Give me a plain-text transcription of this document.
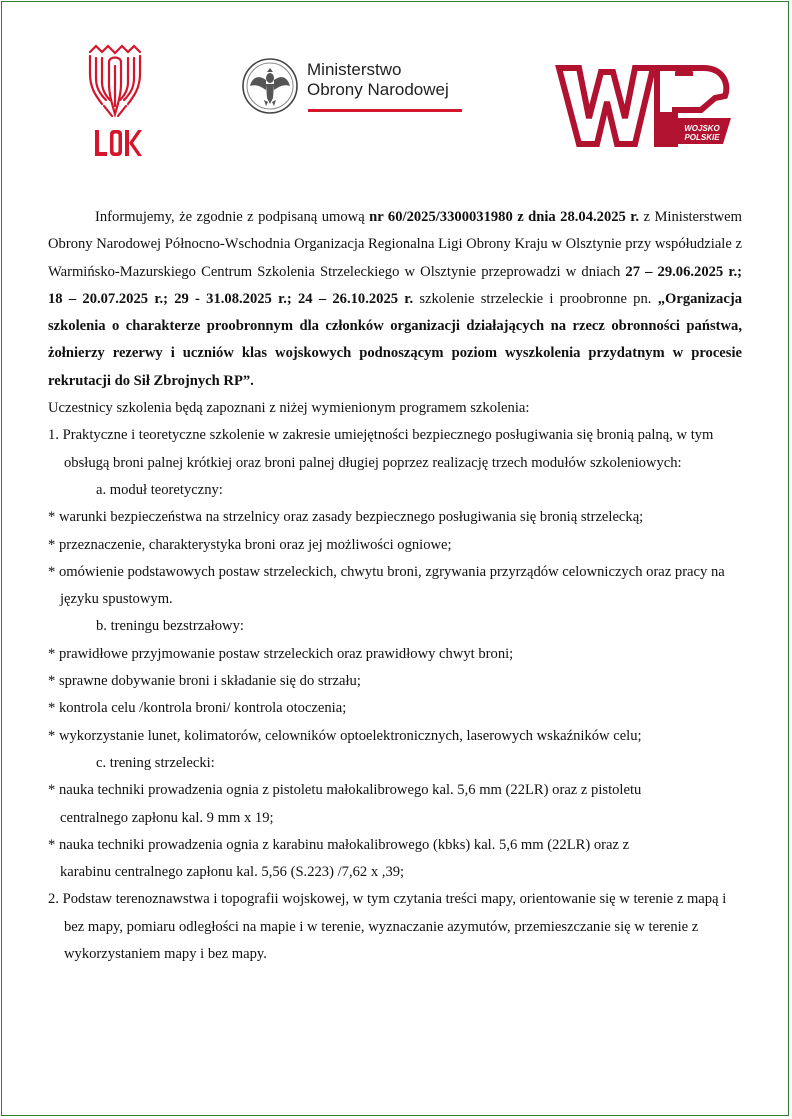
Ministerstwo
Obrony Narodowej
WOJSKO
POLSKIE

Informujemy, że zgodnie z podpisaną umową nr 60/2025/3300031980 z dnia 28.04.2025 r. z Ministerstwem Obrony Narodowej Północno-Wschodnia Organizacja Regionalna Ligi Obrony Kraju w Olsztynie przy współudziale z Warmińsko-Mazurskiego Centrum Szkolenia Strzeleckiego w Olsztynie przeprowadzi w dniach 27 – 29.06.2025 r.; 18 – 20.07.2025 r.; 29 - 31.08.2025 r.; 24 – 26.10.2025 r. szkolenie strzeleckie i proobronne pn. „Organizacja szkolenia o charakterze proobronnym dla członków organizacji działających na rzecz obronności państwa, żołnierzy rezerwy i uczniów klas wojskowych podnoszącym poziom wyszkolenia przydatnym w procesie rekrutacji do Sił Zbrojnych RP”.

Uczestnicy szkolenia będą zapoznani z niżej wymienionym programem szkolenia:

1. Praktyczne i teoretyczne szkolenie w zakresie umiejętności bezpiecznego posługiwania się bronią palną, w tym obsługą broni palnej krótkiej oraz broni palnej długiej poprzez realizację trzech modułów szkoleniowych:

a. moduł teoretyczny:

* warunki bezpieczeństwa na strzelnicy oraz zasady bezpiecznego posługiwania się bronią strzelecką;

* przeznaczenie, charakterystyka broni oraz jej możliwości ogniowe;

* omówienie podstawowych postaw strzeleckich, chwytu broni, zgrywania przyrządów celowniczych oraz pracy na języku spustowym.

b. treningu bezstrzałowy:

* prawidłowe przyjmowanie postaw strzeleckich oraz prawidłowy chwyt broni;

* sprawne dobywanie broni i składanie się do strzału;

* kontrola celu /kontrola broni/ kontrola otoczenia;

* wykorzystanie lunet, kolimatorów, celowników optoelektronicznych, laserowych wskaźników celu;

c. trening strzelecki:

* nauka techniki prowadzenia ognia z pistoletu małokalibrowego kal. 5,6 mm (22LR) oraz z pistoletu centralnego zapłonu kal. 9 mm x 19;

* nauka techniki prowadzenia ognia z karabinu małokalibrowego (kbks) kal. 5,6 mm (22LR) oraz z karabinu centralnego zapłonu kal. 5,56 (S.223) /7,62 x ,39;

2. Podstaw terenoznawstwa i topografii wojskowej, w tym czytania treści mapy, orientowanie się w terenie z mapą i bez mapy, pomiaru odległości na mapie i w terenie, wyznaczanie azymutów, przemieszczanie się w terenie z wykorzystaniem mapy i bez mapy.
